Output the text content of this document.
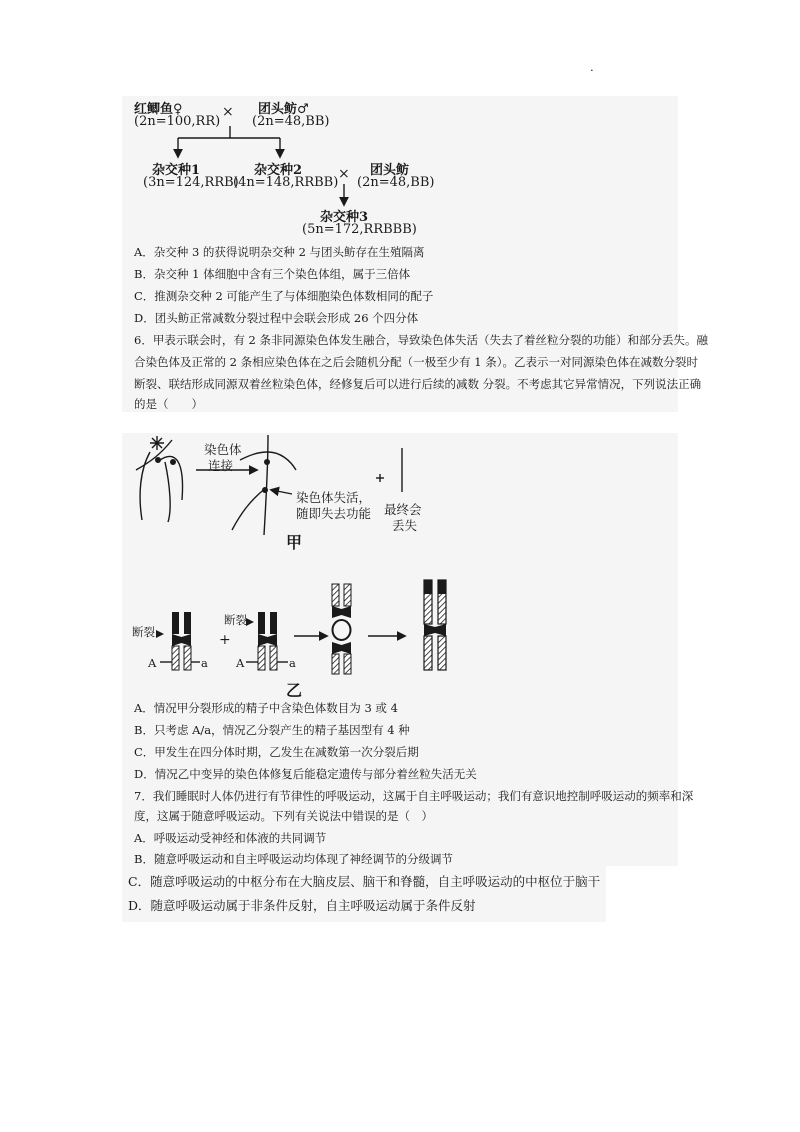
.
红鲫鱼♀
(2n=100,RR)
× 团头鲂♂
(2n=48,BB)
杂交种1
(3n=124,RRB)
杂交种2
(4n=148,RRBB)
× 团头鲂
(2n=48,BB)
杂交种3
(5n=172,RRBBB)
A．杂交种 3 的获得说明杂交种 2 与团头鲂存在生殖隔离
B．杂交种 1 体细胞中含有三个染色体组，属于三倍体
C．推测杂交种 2 可能产生了与体细胞染色体数相同的配子
D．团头鲂正常减数分裂过程中会联会形成 26 个四分体
6．甲表示联会时，有 2 条非同源染色体发生融合，导致染色体失活（失去了着丝粒分裂的功能）和部分丢失。融
合染色体及正常的 2 条相应染色体在之后会随机分配（一极至少有 1 条）。乙表示一对同源染色体在减数分裂时
断裂、联结形成同源双着丝粒染色体，经修复后可以进行后续的减数 分裂。不考虑其它异常情况，下列说法正确
的是（　　）
染色体
连接
染色体失活，
随即失去功能 最终会
丢失
甲
断裂
断裂
A	a A	a
+
乙
A．情况甲分裂形成的精子中含染色体数目为 3 或 4
B．只考虑 A/a，情况乙分裂产生的精子基因型有 4 种
C．甲发生在四分体时期，乙发生在减数第一次分裂后期
D．情况乙中变异的染色体修复后能稳定遗传与部分着丝粒失活无关
7．我们睡眠时人体仍进行有节律性的呼吸运动，这属于自主呼吸运动；我们有意识地控制呼吸运动的频率和深
度，这属于随意呼吸运动。下列有关说法中错误的是（　）
A．呼吸运动受神经和体液的共同调节
B．随意呼吸运动和自主呼吸运动均体现了神经调节的分级调节
C．随意呼吸运动的中枢分布在大脑皮层、脑干和脊髓，自主呼吸运动的中枢位于脑干
D．随意呼吸运动属于非条件反射，自主呼吸运动属于条件反射
